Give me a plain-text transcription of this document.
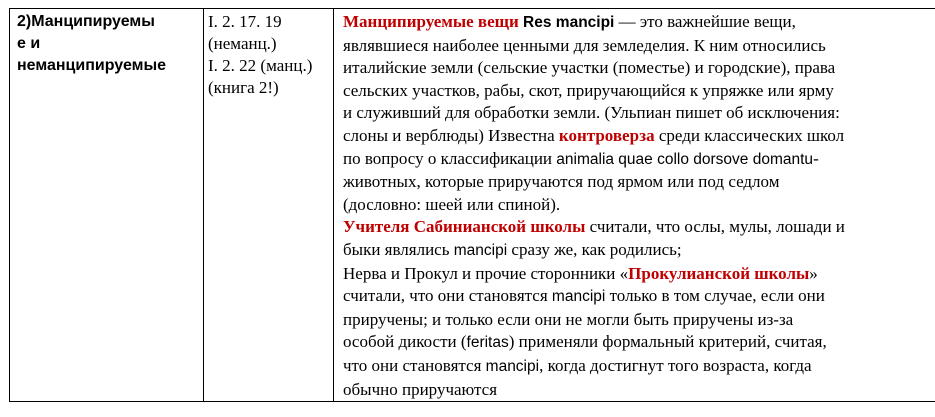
2)Манципируемы
е и
неманципируемые

I. 2. 17. 19
(неманц.)
I. 2. 22 (манц.)
(книга 2!)

Манципируемые вещи Res mancipi — это важнейшие вещи,
являвшиеся наиболее ценными для земледелия. К ним относились
италийские земли (сельские участки (поместье) и городские), права
сельских участков, рабы, скот, приручающийся к упряжке или ярму
и служивший для обработки земли. (Ульпиан пишет об исключения:
слоны и верблюды) Известна контроверза среди классических школ
по вопросу о классификации animalia quae collo dorsove domantu-
животных, которые приручаются под ярмом или под седлом
(дословно: шеей или спиной).
Учителя Сабинианской школы считали, что ослы, мулы, лошади и
быки являлись mancipi сразу же, как родились;
Нерва и Прокул и прочие сторонники «Прокулианской школы»
считали, что они становятся mancipi только в том случае, если они
приручены; и только если они не могли быть приручены из-за
особой дикости (feritas) применяли формальный критерий, считая,
что они становятся mancipi, когда достигнут того возраста, когда
обычно приручаются
